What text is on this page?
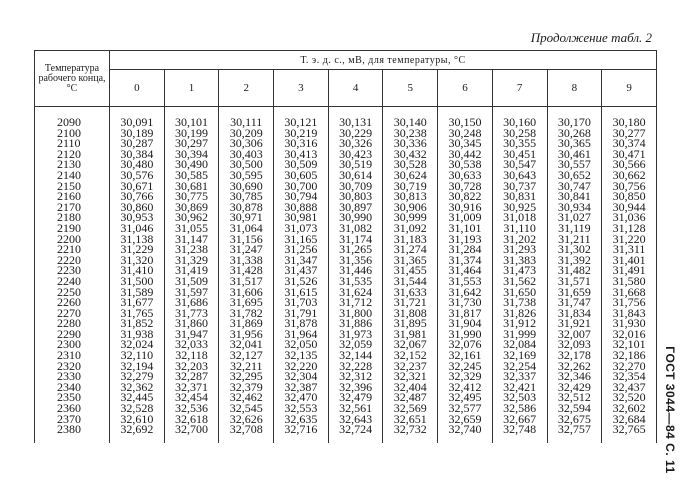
Продолжение табл. 2
Температура рабочего конца, °С	Т. э. д. с., мВ, для температуры, °С									
	0	1	2	3	4	5	6	7	8	9
2090	30,091	30,101	30,111	30,121	30,131	30,140	30,150	30,160	30,170	30,180
2100	30,189	30,199	30,209	30,219	30,229	30,238	30,248	30,258	30,268	30,277
2110	30,287	30,297	30,306	30,316	30,326	30,336	30,345	30,355	30,365	30,374
2120	30,384	30,394	30,403	30,413	30,423	30,432	30,442	30,451	30,461	30,471
2130	30,480	30,490	30,500	30,509	30,519	30,528	30,538	30,547	30,557	30,566
2140	30,576	30,585	30,595	30,605	30,614	30,624	30,633	30,643	30,652	30,662
2150	30,671	30,681	30,690	30,700	30,709	30,719	30,728	30,737	30,747	30,756
2160	30,766	30,775	30,785	30,794	30,803	30,813	30,822	30,831	30,841	30,850
2170	30,860	30,869	30,878	30,888	30,897	30,906	30,916	30,925	30,934	30,944
2180	30,953	30,962	30,971	30,981	30,990	30,999	31,009	31,018	31,027	31,036
2190	31,046	31,055	31,064	31,073	31,082	31,092	31,101	31,110	31,119	31,128
2200	31,138	31,147	31,156	31,165	31,174	31,183	31,193	31,202	31,211	31,220
2210	31,229	31,238	31,247	31,256	31,265	31,274	31,284	31,293	31,302	31,311
2220	31,320	31,329	31,338	31,347	31,356	31,365	31,374	31,383	31,392	31,401
2230	31,410	31,419	31,428	31,437	31,446	31,455	31,464	31,473	31,482	31,491
2240	31,500	31,509	31,517	31,526	31,535	31,544	31,553	31,562	31,571	31,580
2250	31,589	31,597	31,606	31,615	31,624	31,633	31,642	31,650	31,659	31,668
2260	31,677	31,686	31,695	31,703	31,712	31,721	31,730	31,738	31,747	31,756
2270	31,765	31,773	31,782	31,791	31,800	31,808	31,817	31,826	31,834	31,843
2280	31,852	31,860	31,869	31,878	31,886	31,895	31,904	31,912	31,921	31,930
2290	31,938	31,947	31,956	31,964	31,973	31,981	31,990	31,999	32,007	32,016
2300	32,024	32,033	32,041	32,050	32,059	32,067	32,076	32,084	32,093	32,101
2310	32,110	32,118	32,127	32,135	32,144	32,152	32,161	32,169	32,178	32,186
2320	32,194	32,203	32,211	32,220	32,228	32,237	32,245	32,254	32,262	32,270
2330	32,279	32,287	32,295	32,304	32,312	32,321	32,329	32,337	32,346	32,354
2340	32,362	32,371	32,379	32,387	32,396	32,404	32,412	32,421	32,429	32,437
2350	32,445	32,454	32,462	32,470	32,479	32,487	32,495	32,503	32,512	32,520
2360	32,528	32,536	32,545	32,553	32,561	32,569	32,577	32,586	32,594	32,602
2370	32,610	32,618	32,626	32,635	32,643	32,651	32,659	32,667	32,675	32,684
2380	32,692	32,700	32,708	32,716	32,724	32,732	32,740	32,748	32,757	32,765 ГОСТ 3044—84 С. 11
